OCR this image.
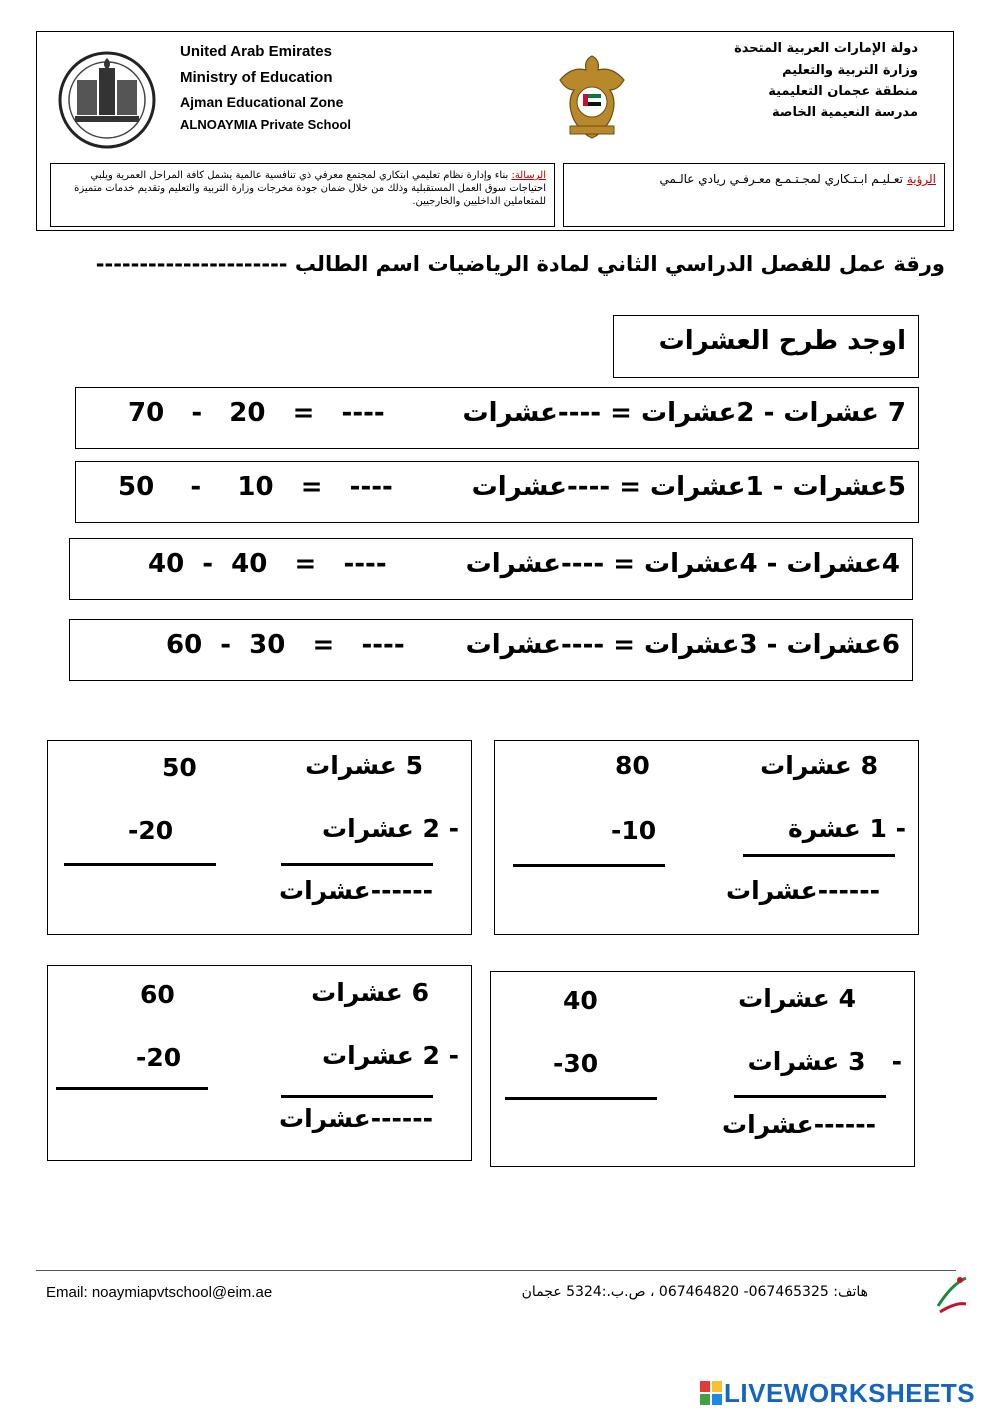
United Arab Emirates
Ministry of Education
Ajman Educational Zone
ALNOAYMIA Private School
دولة الإمارات العربية المتحدة
وزارة التربية والتعليم
منطقة عجمان التعليمية
مدرسة النعيمية الخاصة
الرسالة: بناء وإدارة نظام تعليمي ابتكاري لمجتمع معرفي ذي تنافسية عالمية يشمل كافة المراحل العمرية ويلبي احتياجات سوق العمل المستقبلية وذلك من خلال ضمان جودة مخرجات وزارة التربية والتعليم وتقديم خدمات متميزة للمتعاملين الداخليين والخارجيين.
الرؤية تعـليـم ابـتـكاري لمجـتـمـع معـرفـي ريادي عالـمي
ورقة عمل للفصل الدراسي الثاني لمادة الرياضيات
اسم الطالب ----------------------
اوجد طرح العشرات
7 عشرات - 2عشرات = ----عشرات
70   -   20   =   ----
5عشرات - 1عشرات = ----عشرات
50    -    10   =   ----
4عشرات - 4عشرات = ----عشرات
40  -  40   =   ----
6عشرات - 3عشرات = ----عشرات
60  -  30   =   ----
8 عشرات
80
- 1 عشرة
-10
------عشرات
5 عشرات
50
- 2 عشرات
-20
------عشرات
4 عشرات
40
-   3 عشرات
-30
------عشرات
6 عشرات
60
- 2 عشرات
-20
------عشرات
Email: noaymiapvtschool@eim.ae	هاتف: 067465325- 067464820 ، ص.ب.:5324 عجمان
LIVEWORKSHEETS
